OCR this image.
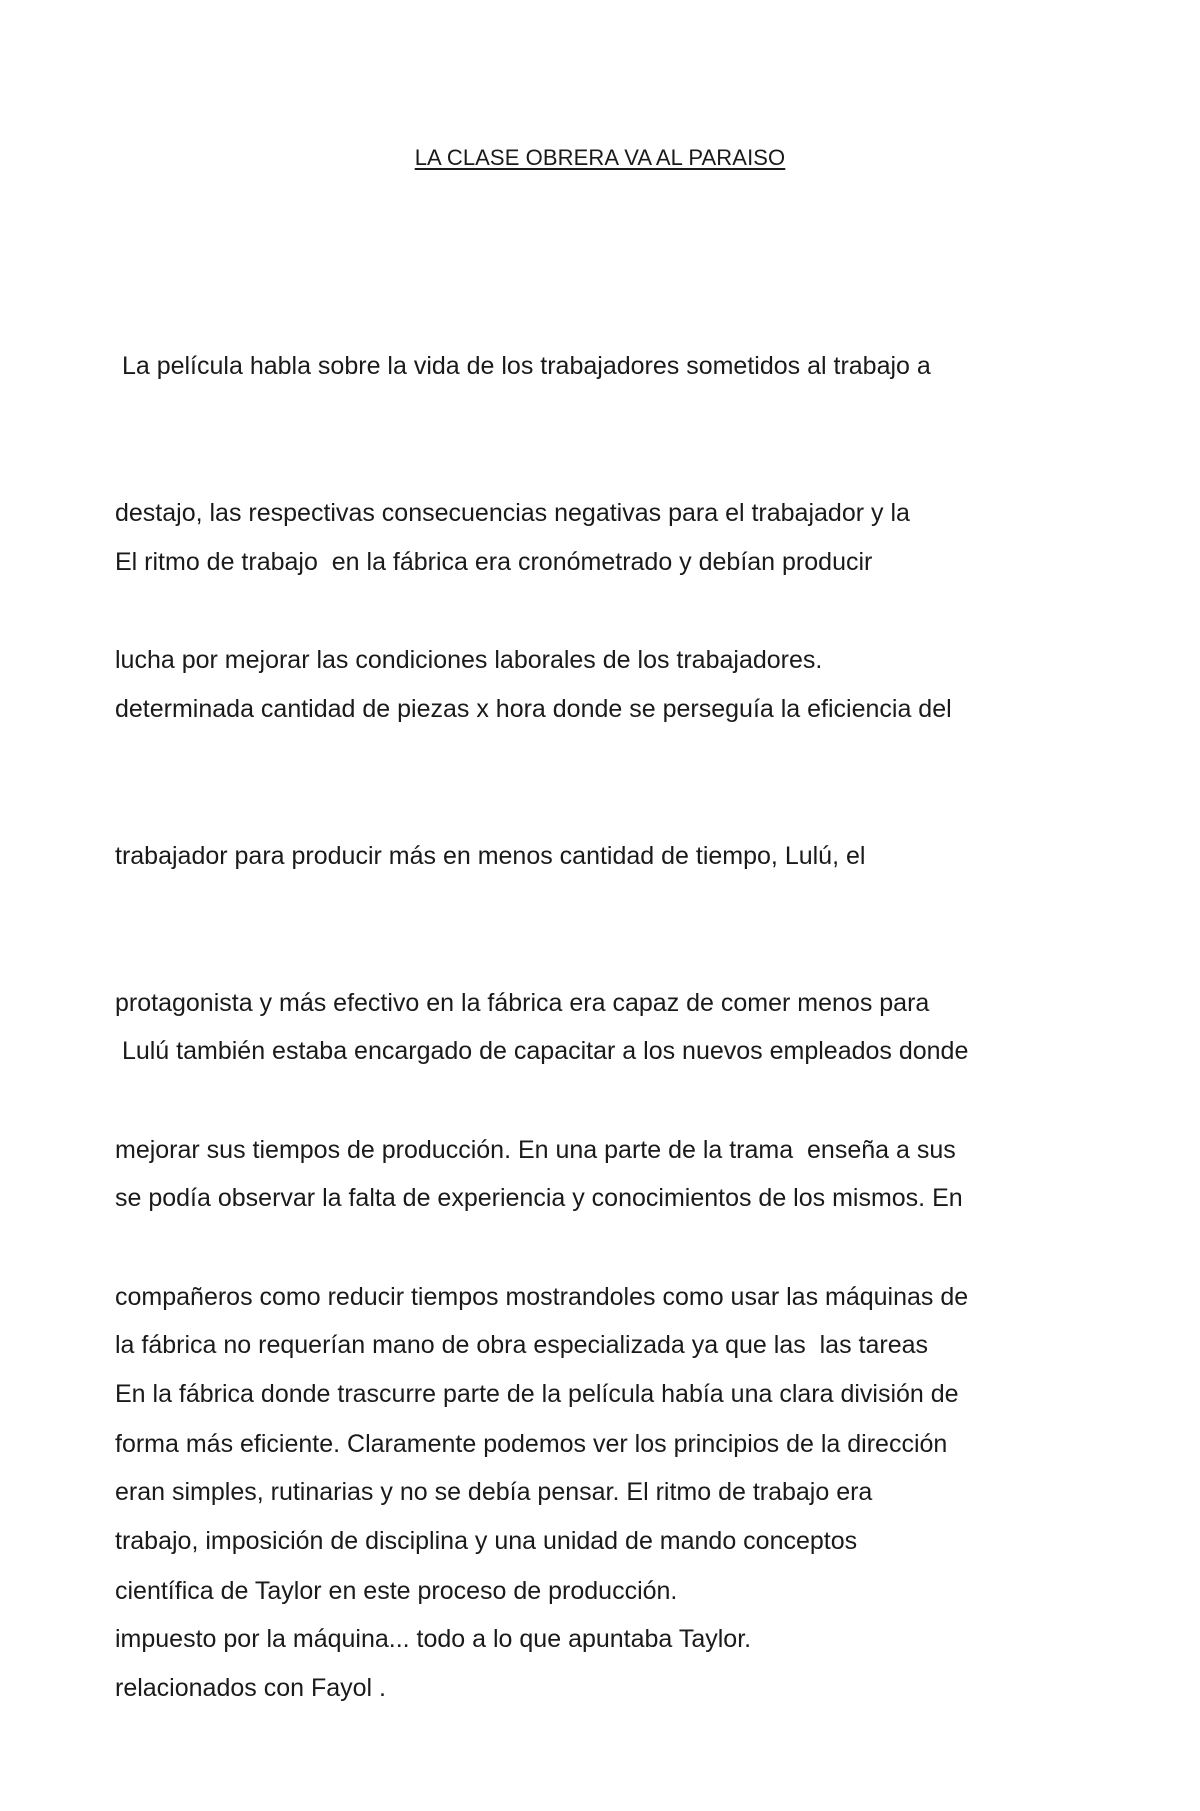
LA CLASE OBRERA VA AL PARAISO

La película habla sobre la vida de los trabajadores sometidos al trabajo a

destajo, las respectivas consecuencias negativas para el trabajador y la

lucha por mejorar las condiciones laborales de los trabajadores.

El ritmo de trabajo  en la fábrica era cronómetrado y debían producir

determinada cantidad de piezas x hora donde se perseguía la eficiencia del

trabajador para producir más en menos cantidad de tiempo, Lulú, el

protagonista y más efectivo en la fábrica era capaz de comer menos para

mejorar sus tiempos de producción. En una parte de la trama  enseña a sus

compañeros como reducir tiempos mostrandoles como usar las máquinas de

forma más eficiente. Claramente podemos ver los principios de la dirección

científica de Taylor en este proceso de producción.

Lulú también estaba encargado de capacitar a los nuevos empleados donde

se podía observar la falta de experiencia y conocimientos de los mismos. En

la fábrica no requerían mano de obra especializada ya que las  las tareas

eran simples, rutinarias y no se debía pensar. El ritmo de trabajo era

impuesto por la máquina... todo a lo que apuntaba Taylor.

En la fábrica donde trascurre parte de la película había una clara división de

trabajo, imposición de disciplina y una unidad de mando conceptos

relacionados con Fayol .
